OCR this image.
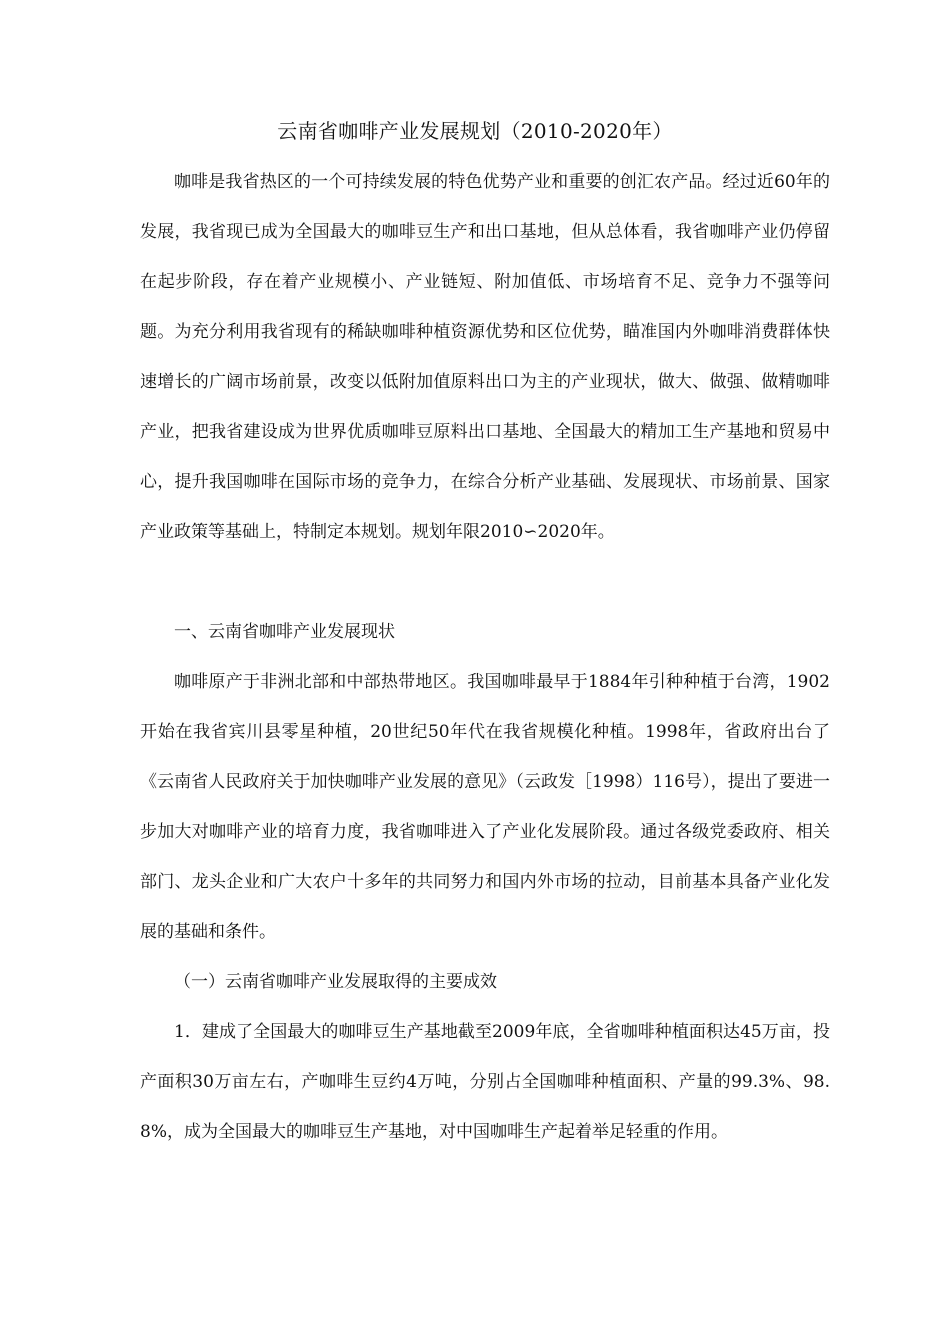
云南省咖啡产业发展规划（2010-2020年）

咖啡是我省热区的一个可持续发展的特色优势产业和重要的创汇农产品。经过近60年的发展，我省现已成为全国最大的咖啡豆生产和出口基地，但从总体看，我省咖啡产业仍停留在起步阶段，存在着产业规模小、产业链短、附加值低、市场培育不足、竞争力不强等问题。为充分利用我省现有的稀缺咖啡种植资源优势和区位优势，瞄准国内外咖啡消费群体快速增长的广阔市场前景，改变以低附加值原料出口为主的产业现状，做大、做强、做精咖啡产业，把我省建设成为世界优质咖啡豆原料出口基地、全国最大的精加工生产基地和贸易中心，提升我国咖啡在国际市场的竞争力，在综合分析产业基础、发展现状、市场前景、国家产业政策等基础上，特制定本规划。规划年限2010∽2020年。

一、云南省咖啡产业发展现状

咖啡原产于非洲北部和中部热带地区。我国咖啡最早于1884年引种种植于台湾，1902开始在我省宾川县零星种植，20世纪50年代在我省规模化种植。1998年，省政府出台了《云南省人民政府关于加快咖啡产业发展的意见》（云政发［1998）116号），提出了要进一步加大对咖啡产业的培育力度，我省咖啡进入了产业化发展阶段。通过各级党委政府、相关部门、龙头企业和广大农户十多年的共同努力和国内外市场的拉动，目前基本具备产业化发展的基础和条件。

（一）云南省咖啡产业发展取得的主要成效

1．建成了全国最大的咖啡豆生产基地截至2009年底，全省咖啡种植面积达45万亩，投产面积30万亩左右，产咖啡生豆约4万吨，分别占全国咖啡种植面积、产量的99.3%、98.8%，成为全国最大的咖啡豆生产基地，对中国咖啡生产起着举足轻重的作用。
